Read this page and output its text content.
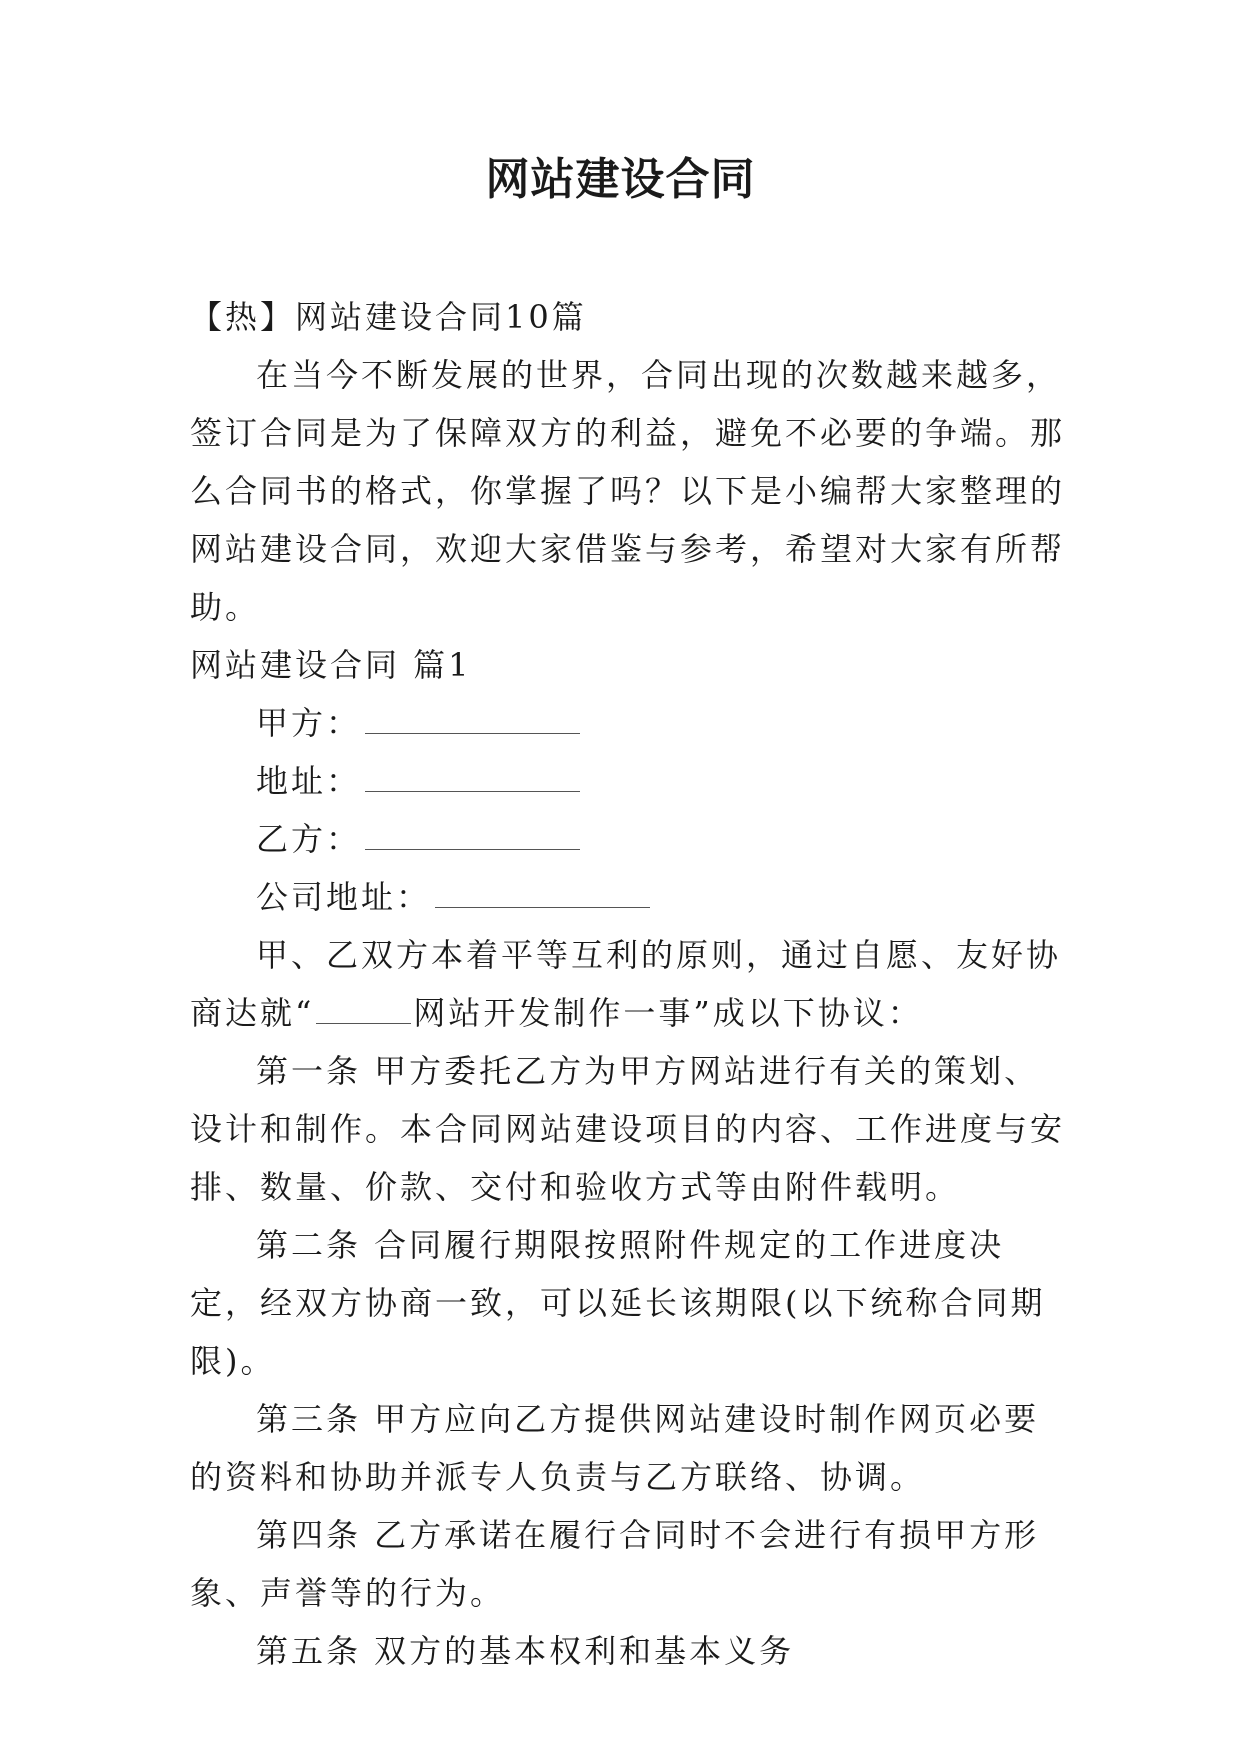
网站建设合同

【热】网站建设合同10篇

在当今不断发展的世界，合同出现的次数越来越多，签订合同是为了保障双方的利益，避免不必要的争端。那么合同书的格式，你掌握了吗？以下是小编帮大家整理的网站建设合同，欢迎大家借鉴与参考，希望对大家有所帮助。

网站建设合同 篇1

甲方：

地址：

乙方：

公司地址：

甲、乙双方本着平等互利的原则，通过自愿、友好协商达就“	网站开发制作一事”成以下协议：

第一条 甲方委托乙方为甲方网站进行有关的策划、设计和制作。本合同网站建设项目的内容、工作进度与安排、数量、价款、交付和验收方式等由附件载明。

第二条 合同履行期限按照附件规定的工作进度决定，经双方协商一致，可以延长该期限(以下统称合同期限)。

第三条 甲方应向乙方提供网站建设时制作网页必要的资料和协助并派专人负责与乙方联络、协调。

第四条 乙方承诺在履行合同时不会进行有损甲方形象、声誉等的行为。

第五条 双方的基本权利和基本义务
